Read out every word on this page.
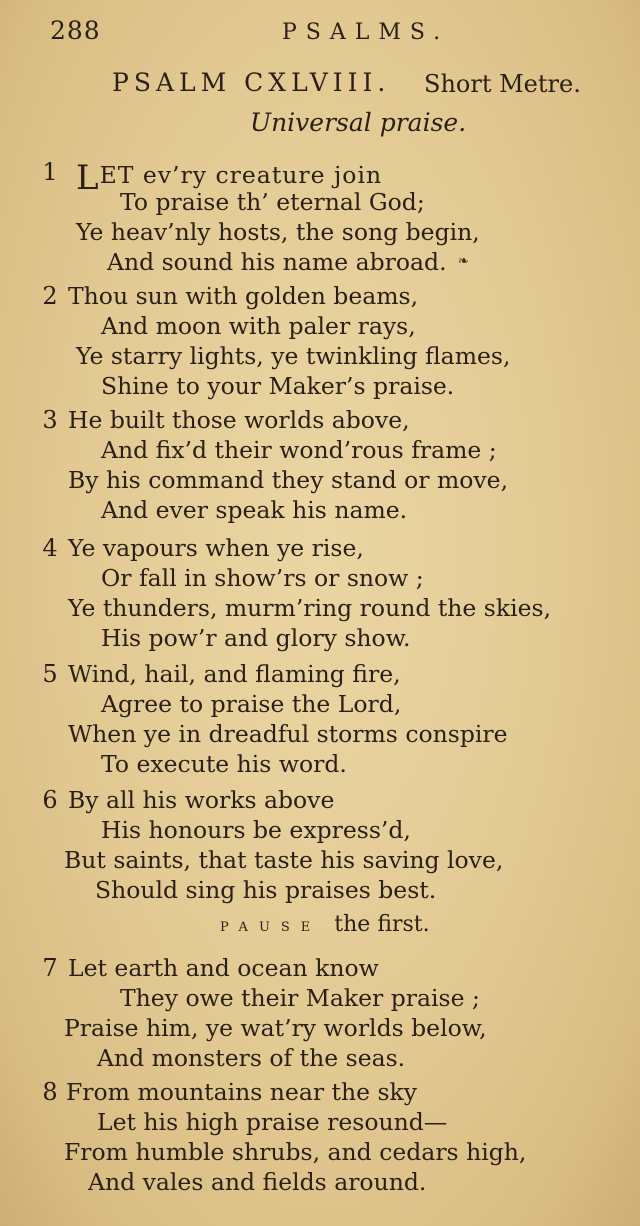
288	PSALMS.
PSALM CXLVIII. Short Metre.
Universal praise.
1 LET ev’ry creature join
To praise th’ eternal God;
Ye heav’nly hosts, the song begin,
And sound his name abroad. ❧
2 Thou sun with golden beams,
And moon with paler rays,
Ye starry lights, ye twinkling flames,
Shine to your Maker’s praise.
3 He built those worlds above,
And fix’d their wond’rous frame ;
By his command they stand or move,
And ever speak his name.
4 Ye vapours when ye rise,
Or fall in show’rs or snow ;
Ye thunders, murm’ring round the skies,
His pow’r and glory show.
5 Wind, hail, and flaming fire,
Agree to praise the Lord,
When ye in dreadful storms conspire
To execute his word.
6 By all his works above
His honours be express’d,
But saints, that taste his saving love,
Should sing his praises best.
PAUSE the first.
7 Let earth and ocean know
They owe their Maker praise ;
Praise him, ye wat’ry worlds below,
And monsters of the seas.
8 From mountains near the sky
Let his high praise resound—
From humble shrubs, and cedars high,
And vales and fields around.
